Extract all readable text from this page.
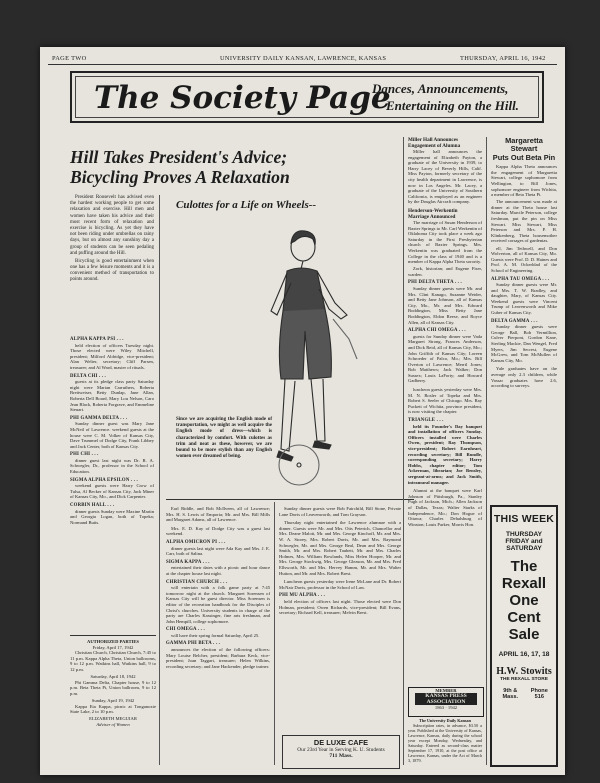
PAGE TWO	UNIVERSITY DAILY KANSAN, LAWRENCE, KANSAS	THURSDAY, APRIL 16, 1942
The Society Page
Dances, Announcements,
Entertaining on the Hill.
Hill Takes President's Advice;
Bicycling Proves A Relaxation

President Roosevelt has advised even the hardest working people to get some relaxation and exercise. Hill men and women have taken his advice and their most recent form of relaxation and exercise is bicycling. As yet they have not been riding under umbrellas on rainy days, but on almost any sunshiny day a group of students can be seen pedaling and puffing around the Hill.

Bicycling is good entertainment when one has a few leisure moments and it is a convenient method of transportation to points around.

ALPHA KAPPA PSI . . .

held election of officers Tuesday night. Those elected were Wiley Mitchell, president; Milford Aldridge, vice-president; Alan Welter, secretary; Cliff Parsen, treasurer; and Al Ward, master of rituals.

DELTA CHI . . .

guests at its pledge class party Saturday night were Marian Carruthers, Roberta Breitweiser, Betty Dunlap, Jane Allan, Roberta Dell Board, Mary Lou Nelson, Caro Jean Black, Roberta Forgrave, and Emmeline Steuart.

PHI GAMMA DELTA . . .

Sunday dinner guest was Mary Jane McNeil of Lawrence. weekend guests at the house were C. M. Volker of Kansas City, Dave Trummel of Dodge City, Frank Libbey and Jack Center, both of Kansas City.

PHI CHI . . .

dinner guest last night was Dr. R. A. Schwegler, Dr., professor in the School of Education.

SIGMA ALPHA EPSILON . . .

weekend guests were Harry Crow of Tulsa, Al Becker of Kansas City, Jack Miner of Kansas City, Mo., and Dick Carpenter.

CORBIN HALL . . .

dinner guests Sunday were Maxine Martin and Georgia Logan, both of Topeka; Normand Butts.

AUTHORIZED PARTIES
Friday, April 17, 1942

Christian Church, Christian Church, 7:45 to 11 p.m. Kappa Alpha Theta, Union ballrooms, 9 to 12 p.m. Watkins hall, Watkins hall, 9 to 12 p.m.

Saturday, April 18, 1942

Phi Gamma Delta, Chapter house, 9 to 12 p.m. Beta Theta Pi, Union ballroom, 9 to 12 p.m.

Sunday, April 19, 1942

Kappa Eta Kappa, picnic at Tonganoxie State Lake, 2 to 10 p.m.

ELIZABETH MEGUIAR
Adviser of Women
Culottes for a Life on Wheels--
Since we are acquiring the English mode of transportation, we might as well acquire the English mode of dress—which is characterized by comfort. With culottes as trim and neat as these, however, we are bound to be more stylish than any English women ever dreamed of being.

Earl Riddle, and Bob McIlveen, all of Lawrence; Mrs. H. S. Lewis of Emporia; Mr. and Mrs. Bill Mills and Margaret Adams, all of Lawrence.

Mrs. E. D. Kay of Dodge City was a guest last weekend.

ALPHA OMICRON PI . . .

dinner guests last night were Ada Kay and Mrs. J. E. Carr, both of Salina.

SIGMA KAPPA . . .

entertained their dates with a picnic and hour dance at the chapter house last night.

CHRISTIAN CHURCH . . .

will entertain with a folk game party at 7:45 tomorrow night at the church. Margaret Sorensen of Kansas City will be guest director. Miss Sorensen is editor of the recreation handbook for the Disciples of Christ's churches. University students in charge of the party are Charles Kassinger, fine arts freshman, and John Hempill, college sophomore.

CHI OMEGA . . .

will have their spring formal Saturday, April 25.

GAMMA PHI BETA . . .

announces the election of the following officers: Mary Louise Belcher, president; Barbara Keck, vice-president; Joan Taggart, treasurer; Helen Wilkins, recording secretary; and Jane Hackender, pledge trainer.

Sunday dinner guests were Bob Fairchild, Bill Stone, Private Lane Davis of Leavenworth, and Tom Grayson.

Thursday night entertained the Lawrence alumnae with a dinner. Guests were Mr. and Mrs. Otis Peterich, Chancellor and Mrs. Deane Malott, Mr. and Mrs. George Kinchoff, Mr. and Mrs. W. A. Storey, Mrs. Robert Davis, Mr. and Mrs. Raymond Schwegler, Mr. and Mrs. George Beal, Dean and Mrs. George Smith, Mr. and Mrs. Robert Taubett, Mr. and Mrs. Charles Holmes, Mrs. William Bowlands, Miss Helen Hooper, Mr. and Mrs. George Stockwig, Mrs. George Gleason, Mr. and Mrs. Fred Ellsworth, Mr. and Mrs. Hervey Hamm, Mr. and Mrs. Walter Hutton, and Mr. and Mrs. Robert Brest.

Luncheon guests yesterday were Irene McLane and Dr. Robert McNair Davis, professor in the School of Law.

PHI MU ALPHA . . .

held election of officers last night. Those elected were Don Holman, president; Owen Richards, vice-president; Bill Evans, secretary; Richard Kell, treasurer; Melvin Brest.

DE LUXE CAFE
Our 23rd Year in Serving K. U. Students
711 Mass.
Miller Hall Announces
Engagement of Alumna

Miller hall announces the engagement of Elizabeth Payton, a graduate of the University in 1939, to Harry Lacey of Beverly Hills, Calif. Miss Payton, formerly secretary of the city health department in Lawrence, is now in Los Angeles. Mr. Lacey, a graduate of the University of Southern California, is employed as an engineer by the Douglas Aircraft company.

Henderson-Werkentin
Marriage Announced

The marriage of Susan Henderson of Baxter Springs to Mr. Carl Werkentin of Oklahoma City took place a week ago Saturday in the First Presbyterian church of Baxter Springs. Mrs. Werkentin was graduated from the College in the class of 1940 and is a member of Kappa Alpha Theta sorority.

Zork, historian; and Eugene Fiser, warden.

PHI DELTA THETA . . .

Sunday dinner guests were Mr. and Mrs. Clint Kanago, Suzanne Weider, and Betty Jane Johnson, all of Kansas City, Mo., Mr. and Mrs. Edward Boddington, Miss Betty Jane Boddington, Eldon Reese, and Royce Allen, all of Kansas City.

ALPHA CHI OMEGA . . .

guests for Sunday dinner were Vada Margaret Strong, Frances Anderson, and Dick Reid, all of Kansas City, Mo.; John Griffith of Kansas City; Loreen Schroeder of Palco, Mo.; Mrs. Bill Overton of Lawrence; Merril Jones; Bob Matthews; Jack Walker; Don Sussex; Louis LaForty; and Howard Gadberry.

luncheon guests yesterday were Mrs. M. N. Bosler of Topeka and Mrs. Robert S. Seeler of Chicago. Mrs. Ray Puckett of Wichita, province president, is now visiting the chapter.

TRIANGLE . . .

held its Founder's Day banquet and installation of officers Sunday. Officers installed were Charles Owen, president; Ray Thompson, vice-president; Robert Earnheart, recording secretary; Bill Rundle, corresponding secretary; Harry Hobbs, chapter editor; Tom Ackerman, librarian; Joe Bensley, sergeant-at-arms; and Jack Smith, intramural manager.

Alumni at the banquet were Karl Johnson of Pittsburgh, Pa., Stanley Pugh of Jackson, Mich.; Allen Jackson of Dallas, Texas; Walter Starks of Independence, Mo.; Don Hogue of Ottawa; Charles Dehalsburg of Winston; Louis Parker, Morris Hon.

MEMBER
KANSAS PRESS ASSOCIATION
1863 · 1942
The University Daily Kansan

Subscription rates, in advance, $3.50 a year. Published at the University of Kansas, Lawrence, Kansas, daily during the school year except Monday, Wednesday, and Saturday. Entered as second-class matter September 17, 1910, at the post office at Lawrence, Kansas, under the Act of March 3, 1879.

Margaretta Stewart
Puts Out Beta Pin

Kappa Alpha Theta announces the engagement of Margaretta Stewart, college sophomore from Wellington, to Bill Jones, sophomore engineer from Wichita, a member of Beta Theta Pi.

The announcement was made at dinner at the Theta house last Saturday. Marcile Peterson, college freshman, put the pin on Miss Stewart. Miss Stewart, Miss Peterson and Mrs. P. H. Klinkenberg, Theta housemother received corsages of gardenias.

ell, Jim Tethwell, and Don Wolverton, all of Kansas City, Mo. Guests were Prof. D. D. Haines and Prof. A. M. Ockerblad of the School of Engineering.

ALPHA TAU OMEGA . . .

Sunday dinner guests were Mr. and Mrs. T. W. Bradley, and daughter, Mary, of Kansas City. Weekend guests were Vincent Trump of Leavenworth and Mike Guber of Kansas City.

DELTA GAMMA . . .

Sunday dinner guests were George Ball, Bob Vermillion, Culver Pierpont, Gordon Kane, Sterling Mackie, Dan Wengel, Fred Myers, Jim Secrest, Eugene McGrew, and Tom McMullen of Kansas City, Mo.

Yale graduates have on the average only 2.3 children, while Vassar graduates have 2.6, according to surveys.

THIS WEEK
THURSDAY
FRIDAY and
SATURDAY
The
Rexall
One
Cent
Sale
APRIL 16, 17, 18
H.W. Stowits
THE REXALL STORE
9th & Mass.
Phone 516
